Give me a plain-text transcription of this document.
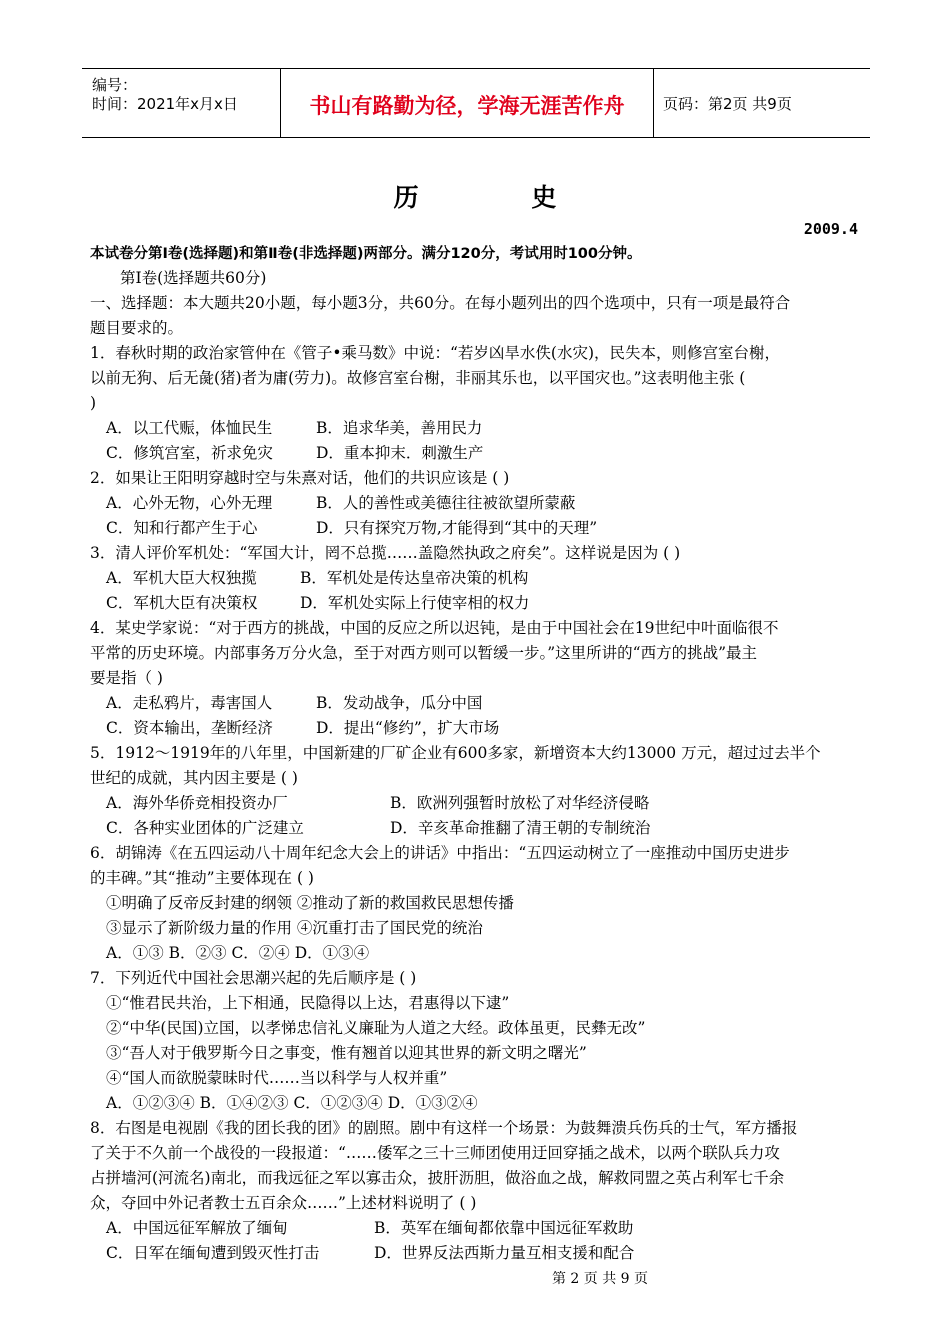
编号：
时间：2021年x月x日	书山有路勤为径，学海无涯苦作舟	页码：第2页 共9页
历 史
2009.4
本试卷分第Ⅰ卷(选择题)和第Ⅱ卷(非选择题)两部分。满分120分，考试用时100分钟。
第Ⅰ卷(选择题共60分)
一、选择题：本大题共20小题，每小题3分，共60分。在每小题列出的四个选项中，只有一项是最符合
题目要求的。
1．春秋时期的政治家管仲在《管子•乘马数》中说：“若岁凶旱水佚(水灾)，民失本，则修宫室台榭，
以前无狗、后无彘(猪)者为庸(劳力)。故修宫室台榭，非丽其乐也，以平国灾也。”这表明他主张 (
)
A．以工代赈，体恤民生	B．追求华美，善用民力
C．修筑宫室，祈求免灾	D．重本抑末．刺激生产
2．如果让王阳明穿越时空与朱熹对话，他们的共识应该是 ( )
A．心外无物，心外无理	B．人的善性或美德往往被欲望所蒙蔽
C．知和行都产生于心	D．只有探究万物,才能得到“其中的天理”
3．清人评价军机处：“军国大计，罔不总揽……盖隐然执政之府矣”。这样说是因为 ( )
A．军机大臣大权独揽	B．军机处是传达皇帝决策的机构
C．军机大臣有决策权	D．军机处实际上行使宰相的权力
4．某史学家说：“对于西方的挑战，中国的反应之所以迟钝，是由于中国社会在19世纪中叶面临很不
平常的历史环境。内部事务万分火急，至于对西方则可以暂缓一步。”这里所讲的“西方的挑战”最主
要是指（ )
A．走私鸦片，毒害国人	B．发动战争，瓜分中国
C．资本输出，垄断经济	D．提出“修约”，扩大市场
5．1912～1919年的八年里，中国新建的厂矿企业有600多家，新增资本大约13000 万元，超过过去半个
世纪的成就，其内因主要是 ( )
A．海外华侨竞相投资办厂	B．欧洲列强暂时放松了对华经济侵略
C．各种实业团体的广泛建立	D．辛亥革命推翻了清王朝的专制统治
6．胡锦涛《在五四运动八十周年纪念大会上的讲话》中指出：“五四运动树立了一座推动中国历史进步
的丰碑。”其“推动”主要体现在 ( )
①明确了反帝反封建的纲领 ②推动了新的救国救民思想传播
③显示了新阶级力量的作用 ④沉重打击了国民党的统治
A．①③ B．②③ C．②④ D．①③④
7．下列近代中国社会思潮兴起的先后顺序是 ( )
①“惟君民共治，上下相通，民隐得以上达，君惠得以下逮”
②“中华(民国)立国，以孝悌忠信礼义廉耻为人道之大经。政体虽更，民彝无改”
③“吾人对于俄罗斯今日之事变，惟有翘首以迎其世界的新文明之曙光”
④“国人而欲脱蒙昧时代……当以科学与人权并重”
A．①②③④ B．①④②③ C．①②③④ D．①③②④
8．右图是电视剧《我的团长我的团》的剧照。剧中有这样一个场景：为鼓舞溃兵伤兵的士气，军方播报
了关于不久前一个战役的一段报道：“……倭军之三十三师团使用迂回穿插之战术，以两个联队兵力攻
占拼墙河(河流名)南北，而我远征之军以寡击众，披肝沥胆，做浴血之战，解救同盟之英占利军七千余
众，夺回中外记者教士五百余众……”上述材料说明了 ( )
A．中国远征军解放了缅甸	B．英军在缅甸都依靠中国远征军救助
C．日军在缅甸遭到毁灭性打击	D．世界反法西斯力量互相支援和配合
第 2 页 共 9 页
